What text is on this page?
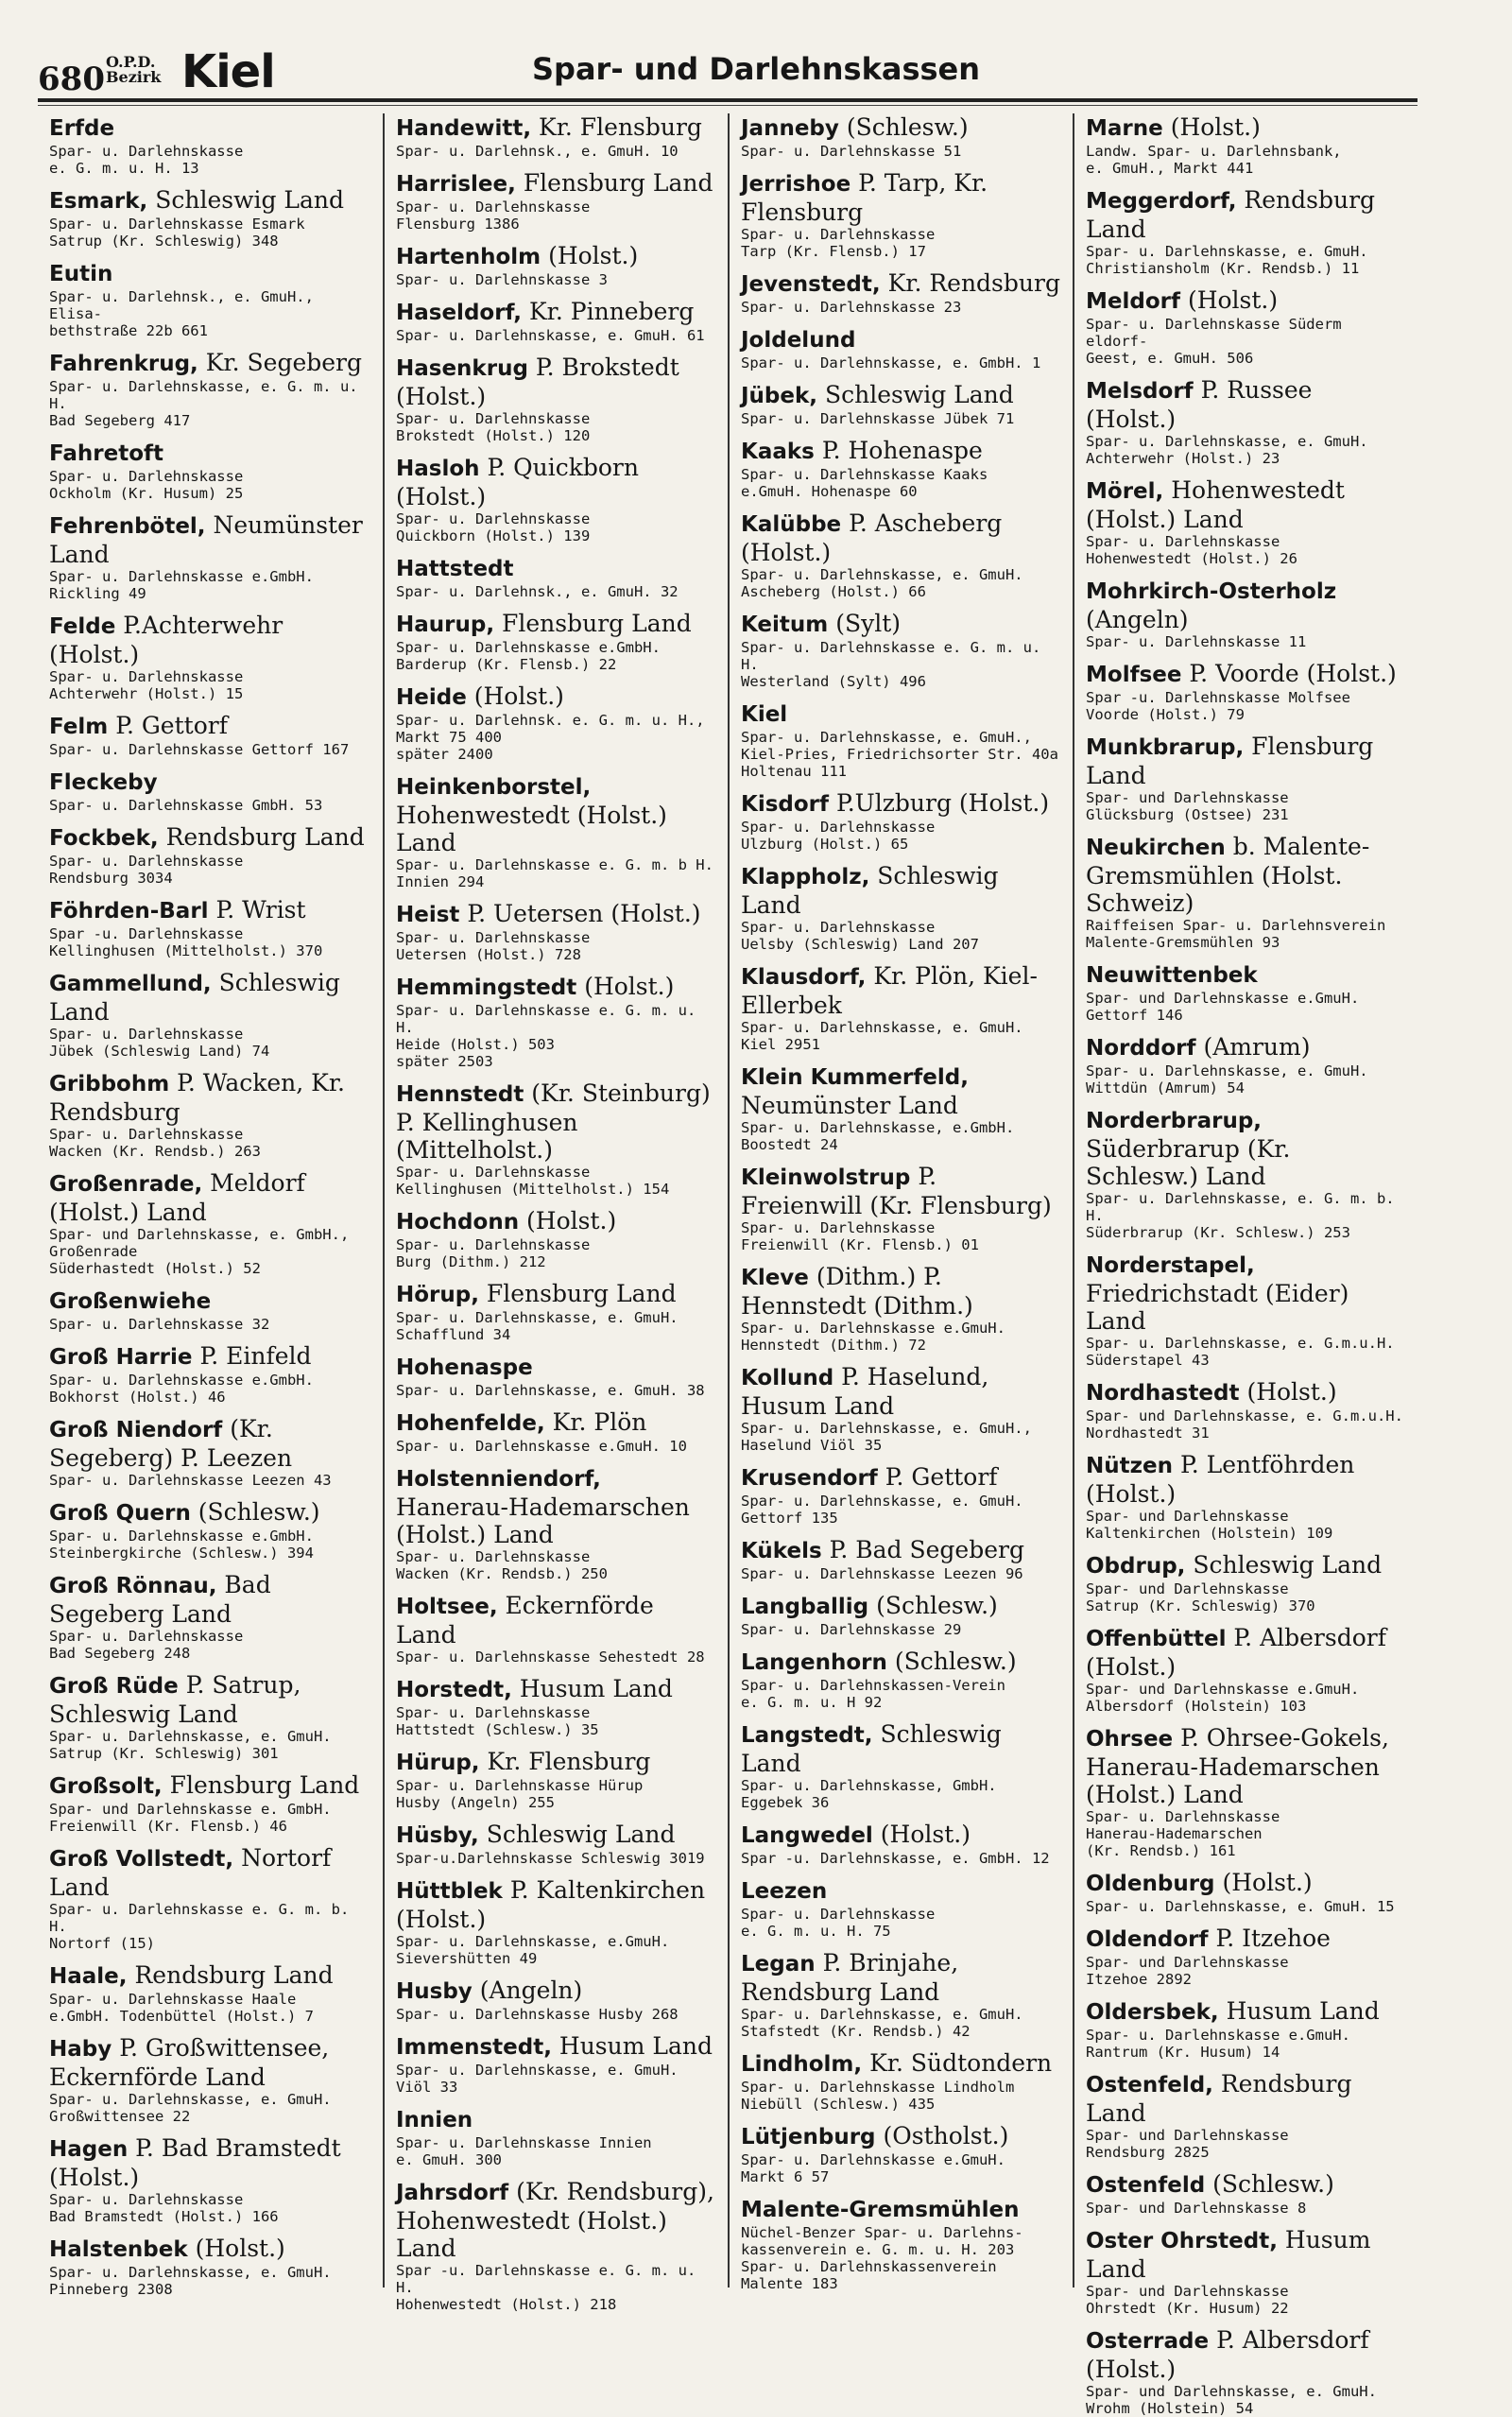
680 O.P.D.
Bezirk Kiel	Spar- und Darlehnskassen
Erfde
Spar- u. Darlehnskasse
e. G. m. u. H. 13
Esmark, Schleswig Land
Spar- u. Darlehnskasse Esmark
Satrup (Kr. Schleswig) 348
Eutin
Spar- u. Darlehnsk., e. GmuH., Elisa-
bethstraße 22b 661
Fahrenkrug, Kr. Segeberg
Spar- u. Darlehnskasse, e. G. m. u. H.
Bad Segeberg 417
Fahretoft
Spar- u. Darlehnskasse
Ockholm (Kr. Husum) 25
Fehrenbötel, Neumünster Land
Spar- u. Darlehnskasse e.GmbH.
Rickling 49
Felde P.Achterwehr (Holst.)
Spar- u. Darlehnskasse
Achterwehr (Holst.) 15
Felm P. Gettorf
Spar- u. Darlehnskasse Gettorf 167
Fleckeby
Spar- u. Darlehnskasse GmbH. 53
Fockbek, Rendsburg Land
Spar- u. Darlehnskasse
Rendsburg 3034
Föhrden-Barl P. Wrist
Spar -u. Darlehnskasse
Kellinghusen (Mittelholst.) 370
Gammellund, Schleswig Land
Spar- u. Darlehnskasse
Jübek (Schleswig Land) 74
Gribbohm P. Wacken, Kr. Rendsburg
Spar- u. Darlehnskasse
Wacken (Kr. Rendsb.) 263
Großenrade, Meldorf (Holst.) Land
Spar- und Darlehnskasse, e. GmbH.,
Großenrade
Süderhastedt (Holst.) 52
Großenwiehe
Spar- u. Darlehnskasse 32
Groß Harrie P. Einfeld
Spar- u. Darlehnskasse e.GmbH.
Bokhorst (Holst.) 46
Groß Niendorf (Kr. Segeberg) P. Leezen
Spar- u. Darlehnskasse Leezen 43
Groß Quern (Schlesw.)
Spar- u. Darlehnskasse e.GmbH.
Steinbergkirche (Schlesw.) 394
Groß Rönnau, Bad Segeberg Land
Spar- u. Darlehnskasse
Bad Segeberg 248
Groß Rüde P. Satrup, Schleswig Land
Spar- u. Darlehnskasse, e. GmuH.
Satrup (Kr. Schleswig) 301
Großsolt, Flensburg Land
Spar- und Darlehnskasse e. GmbH.
Freienwill (Kr. Flensb.) 46
Groß Vollstedt, Nortorf Land
Spar- u. Darlehnskasse e. G. m. b. H.
Nortorf (15)
Haale, Rendsburg Land
Spar- u. Darlehnskasse Haale
e.GmbH. Todenbüttel (Holst.) 7
Haby P. Großwittensee, Eckernförde Land
Spar- u. Darlehnskasse, e. GmuH.
Großwittensee 22
Hagen P. Bad Bramstedt (Holst.)
Spar- u. Darlehnskasse
Bad Bramstedt (Holst.) 166
Halstenbek (Holst.)
Spar- u. Darlehnskasse, e. GmuH.
Pinneberg 2308
Handewitt, Kr. Flensburg
Spar- u. Darlehnsk., e. GmuH. 10
Harrislee, Flensburg Land
Spar- u. Darlehnskasse
Flensburg 1386
Hartenholm (Holst.)
Spar- u. Darlehnskasse 3
Haseldorf, Kr. Pinneberg
Spar- u. Darlehnskasse, e. GmuH. 61
Hasenkrug P. Brokstedt (Holst.)
Spar- u. Darlehnskasse
Brokstedt (Holst.) 120
Hasloh P. Quickborn (Holst.)
Spar- u. Darlehnskasse
Quickborn (Holst.) 139
Hattstedt
Spar- u. Darlehnsk., e. GmuH. 32
Haurup, Flensburg Land
Spar- u. Darlehnskasse e.GmbH.
Barderup (Kr. Flensb.) 22
Heide (Holst.)
Spar- u. Darlehnsk. e. G. m. u. H.,
Markt 75 400
später 2400
Heinkenborstel, Hohenwestedt (Holst.) Land
Spar- u. Darlehnskasse e. G. m. b H.
Innien 294
Heist P. Uetersen (Holst.)
Spar- u. Darlehnskasse
Uetersen (Holst.) 728
Hemmingstedt (Holst.)
Spar- u. Darlehnskasse e. G. m. u. H.
Heide (Holst.) 503
später 2503
Hennstedt (Kr. Steinburg) P. Kellinghusen (Mittelholst.)
Spar- u. Darlehnskasse
Kellinghusen (Mittelholst.) 154
Hochdonn (Holst.)
Spar- u. Darlehnskasse
Burg (Dithm.) 212
Hörup, Flensburg Land
Spar- u. Darlehnskasse, e. GmuH.
Schafflund 34
Hohenaspe
Spar- u. Darlehnskasse, e. GmuH. 38
Hohenfelde, Kr. Plön
Spar- u. Darlehnskasse e.GmuH. 10
Holstenniendorf, Hanerau-Hademarschen (Holst.) Land
Spar- u. Darlehnskasse
Wacken (Kr. Rendsb.) 250
Holtsee, Eckernförde Land
Spar- u. Darlehnskasse Sehestedt 28
Horstedt, Husum Land
Spar- u. Darlehnskasse
Hattstedt (Schlesw.) 35
Hürup, Kr. Flensburg
Spar- u. Darlehnskasse Hürup
Husby (Angeln) 255
Hüsby, Schleswig Land
Spar-u.Darlehnskasse Schleswig 3019
Hüttblek P. Kaltenkirchen (Holst.)
Spar- u. Darlehnskasse, e.GmuH.
Sievershütten 49
Husby (Angeln)
Spar- u. Darlehnskasse Husby 268
Immenstedt, Husum Land
Spar- u. Darlehnskasse, e. GmuH.
Viöl 33
Innien
Spar- u. Darlehnskasse Innien
e. GmuH. 300
Jahrsdorf (Kr. Rendsburg), Hohenwestedt (Holst.) Land
Spar -u. Darlehnskasse e. G. m. u. H.
Hohenwestedt (Holst.) 218
Janneby (Schlesw.)
Spar- u. Darlehnskasse 51
Jerrishoe P. Tarp, Kr. Flensburg
Spar- u. Darlehnskasse
Tarp (Kr. Flensb.) 17
Jevenstedt, Kr. Rendsburg
Spar- u. Darlehnskasse 23
Joldelund
Spar- u. Darlehnskasse, e. GmbH. 1
Jübek, Schleswig Land
Spar- u. Darlehnskasse Jübek 71
Kaaks P. Hohenaspe
Spar- u. Darlehnskasse Kaaks
e.GmuH. Hohenaspe 60
Kalübbe P. Ascheberg (Holst.)
Spar- u. Darlehnskasse, e. GmuH.
Ascheberg (Holst.) 66
Keitum (Sylt)
Spar- u. Darlehnskasse e. G. m. u. H.
Westerland (Sylt) 496
Kiel
Spar- u. Darlehnskasse, e. GmuH.,
Kiel-Pries, Friedrichsorter Str. 40a
Holtenau 111
Kisdorf P.Ulzburg (Holst.)
Spar- u. Darlehnskasse
Ulzburg (Holst.) 65
Klappholz, Schleswig Land
Spar- u. Darlehnskasse
Uelsby (Schleswig) Land 207
Klausdorf, Kr. Plön, Kiel-Ellerbek
Spar- u. Darlehnskasse, e. GmuH.
Kiel 2951
Klein Kummerfeld, Neumünster Land
Spar- u. Darlehnskasse, e.GmbH.
Boostedt 24
Kleinwolstrup P. Freienwill (Kr. Flensburg)
Spar- u. Darlehnskasse
Freienwill (Kr. Flensb.) 01
Kleve (Dithm.) P. Hennstedt (Dithm.)
Spar- u. Darlehnskasse e.GmuH.
Hennstedt (Dithm.) 72
Kollund P. Haselund, Husum Land
Spar- u. Darlehnskasse, e. GmuH.,
Haselund Viöl 35
Krusendorf P. Gettorf
Spar- u. Darlehnskasse, e. GmuH.
Gettorf 135
Kükels P. Bad Segeberg
Spar- u. Darlehnskasse Leezen 96
Langballig (Schlesw.)
Spar- u. Darlehnskasse 29
Langenhorn (Schlesw.)
Spar- u. Darlehnskassen-Verein
e. G. m. u. H 92
Langstedt, Schleswig Land
Spar- u. Darlehnskasse, GmbH.
Eggebek 36
Langwedel (Holst.)
Spar -u. Darlehnskasse, e. GmbH. 12
Leezen
Spar- u. Darlehnskasse
e. G. m. u. H. 75
Legan P. Brinjahe, Rendsburg Land
Spar- u. Darlehnskasse, e. GmuH.
Stafstedt (Kr. Rendsb.) 42
Lindholm, Kr. Südtondern
Spar- u. Darlehnskasse Lindholm
Niebüll (Schlesw.) 435
Lütjenburg (Ostholst.)
Spar- u. Darlehnskasse e.GmuH.
Markt 6 57
Malente-Gremsmühlen
Nüchel-Benzer Spar- u. Darlehns-
kassenverein e. G. m. u. H. 203
Spar- u. Darlehnskassenverein
Malente 183
Marne (Holst.)
Landw. Spar- u. Darlehnsbank,
e. GmuH., Markt 441
Meggerdorf, Rendsburg Land
Spar- u. Darlehnskasse, e. GmuH.
Christiansholm (Kr. Rendsb.) 11
Meldorf (Holst.)
Spar- u. Darlehnskasse Süderm eldorf-
Geest, e. GmuH. 506
Melsdorf P. Russee (Holst.)
Spar- u. Darlehnskasse, e. GmuH.
Achterwehr (Holst.) 23
Mörel, Hohenwestedt (Holst.) Land
Spar- u. Darlehnskasse
Hohenwestedt (Holst.) 26
Mohrkirch-Osterholz (Angeln)
Spar- u. Darlehnskasse 11
Molfsee P. Voorde (Holst.)
Spar -u. Darlehnskasse Molfsee
Voorde (Holst.) 79
Munkbrarup, Flensburg Land
Spar- und Darlehnskasse
Glücksburg (Ostsee) 231
Neukirchen b. Malente-Gremsmühlen (Holst. Schweiz)
Raiffeisen Spar- u. Darlehnsverein
Malente-Gremsmühlen 93
Neuwittenbek
Spar- und Darlehnskasse e.GmuH.
Gettorf 146
Norddorf (Amrum)
Spar- u. Darlehnskasse, e. GmuH.
Wittdün (Amrum) 54
Norderbrarup, Süderbrarup (Kr. Schlesw.) Land
Spar- u. Darlehnskasse, e. G. m. b. H.
Süderbrarup (Kr. Schlesw.) 253
Norderstapel, Friedrichstadt (Eider) Land
Spar- u. Darlehnskasse, e. G.m.u.H.
Süderstapel 43
Nordhastedt (Holst.)
Spar- und Darlehnskasse, e. G.m.u.H.
Nordhastedt 31
Nützen P. Lentföhrden (Holst.)
Spar- und Darlehnskasse
Kaltenkirchen (Holstein) 109
Obdrup, Schleswig Land
Spar- und Darlehnskasse
Satrup (Kr. Schleswig) 370
Offenbüttel P. Albersdorf (Holst.)
Spar- und Darlehnskasse e.GmuH.
Albersdorf (Holstein) 103
Ohrsee P. Ohrsee-Gokels, Hanerau-Hademarschen (Holst.) Land
Spar- u. Darlehnskasse
Hanerau-Hademarschen
(Kr. Rendsb.) 161
Oldenburg (Holst.)
Spar- u. Darlehnskasse, e. GmuH. 15
Oldendorf P. Itzehoe
Spar- und Darlehnskasse
Itzehoe 2892
Oldersbek, Husum Land
Spar- u. Darlehnskasse e.GmuH.
Rantrum (Kr. Husum) 14
Ostenfeld, Rendsburg Land
Spar- und Darlehnskasse
Rendsburg 2825
Ostenfeld (Schlesw.)
Spar- und Darlehnskasse 8
Oster Ohrstedt, Husum Land
Spar- und Darlehnskasse
Ohrstedt (Kr. Husum) 22
Osterrade P. Albersdorf (Holst.)
Spar- und Darlehnskasse, e. GmuH.
Wrohm (Holstein) 54
